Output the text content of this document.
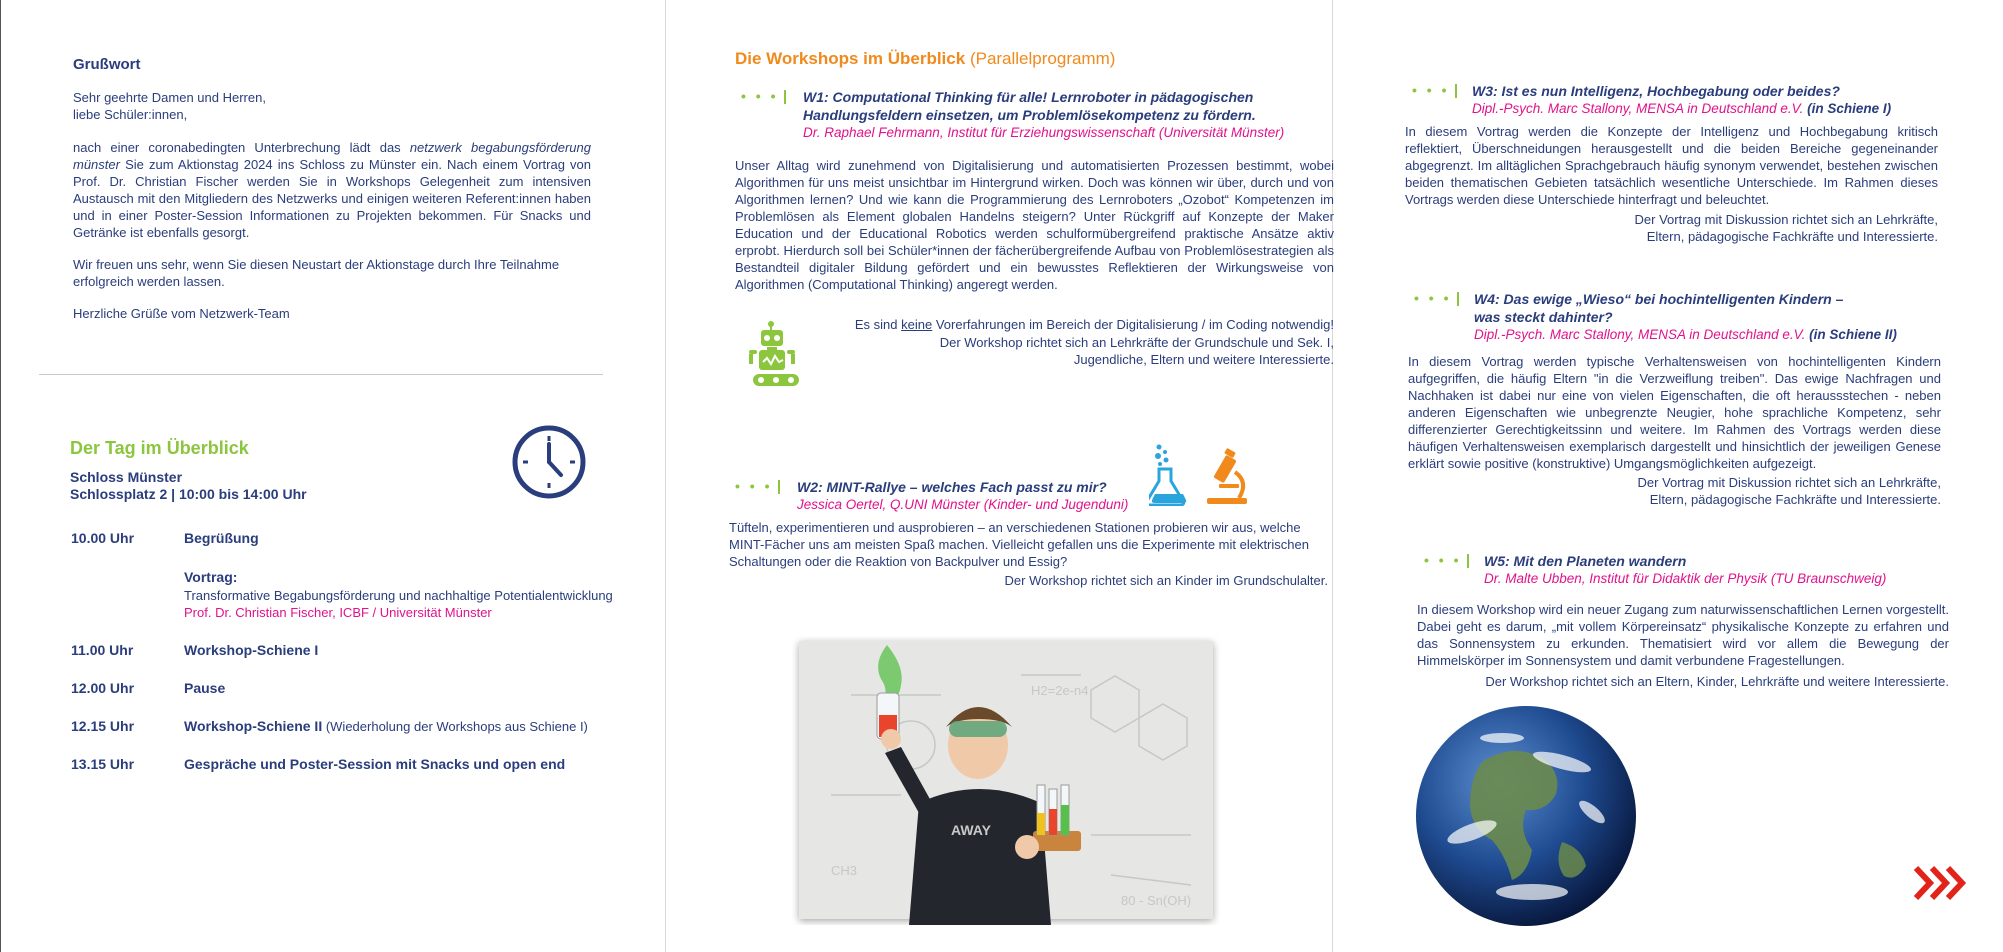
Grußwort
Sehr geehrte Damen und Herren,
liebe Schüler:innen,

nach einer coronabedingten Unterbrechung lädt das netzwerk begabungsförderung münster Sie zum Aktionstag 2024 ins Schloss zu Münster ein. Nach einem Vortrag von Prof. Dr. Christian Fischer werden Sie in Workshops Gelegenheit zum intensiven Austausch mit den Mitgliedern des Netzwerks und einigen weiteren Referent:innen haben und in einer Poster-Session Informationen zu Projekten bekommen. Für Snacks und Getränke ist ebenfalls gesorgt.

Wir freuen uns sehr, wenn Sie diesen Neustart der Aktionstage durch Ihre Teilnahme erfolgreich werden lassen.

Herzliche Grüße vom Netzwerk-Team
Der Tag im Überblick
Schloss Münster
Schlossplatz 2 | 10:00 bis 14:00 Uhr
10.00 Uhr	Begrüßung
Vortrag:
Transformative Begabungsförderung und nachhaltige Potentialentwicklung
Prof. Dr. Christian Fischer, ICBF / Universität Münster
11.00 Uhr	Workshop-Schiene I
12.00 Uhr	Pause
12.15 Uhr	Workshop-Schiene II (Wiederholung der Workshops aus Schiene I)
13.15 Uhr	Gespräche und Poster-Session mit Snacks und open end
Die Workshops im Überblick (Parallelprogramm)
• • •	W1: Computational Thinking für alle! Lernroboter in pädagogischen
Handlungsfeldern einsetzen, um Problemlösekompetenz zu fördern.
Dr. Raphael Fehrmann, Institut für Erziehungswissenschaft (Universität Münster)

Unser Alltag wird zunehmend von Digitalisierung und automatisierten Prozessen bestimmt, wobei Algorithmen für uns meist unsichtbar im Hintergrund wirken. Doch was können wir über, durch und von Algorithmen lernen? Und wie kann die Programmierung des Lernroboters „Ozobot“ Kompetenzen im Problemlösen als Element globalen Handelns steigern? Unter Rückgriff auf Konzepte der Maker Education und der Educational Robotics werden schulformübergreifend praktische Ansätze aktiv erprobt. Hierdurch soll bei Schüler*innen der fächerübergreifende Aufbau von Problemlösestrategien als Bestandteil digitaler Bildung gefördert und ein bewusstes Reflektieren der Wirkungsweise von Algorithmen (Computational Thinking) angeregt werden.

Es sind keine Vorerfahrungen im Bereich der Digitalisierung / im Coding notwendig!

Der Workshop richtet sich an Lehrkräfte der Grundschule und Sek. I,
Jugendliche, Eltern und weitere Interessierte.
• • •	W2: MINT-Rallye – welches Fach passt zu mir?
Jessica Oertel, Q.UNI Münster (Kinder- und Jugenduni)

Tüfteln, experimentieren und ausprobieren – an verschiedenen Stationen probieren wir aus, welche MINT-Fächer uns am meisten Spaß machen. Vielleicht gefallen uns die Experimente mit elektrischen Schaltungen oder die Reaktion von Backpulver und Essig?

Der Workshop richtet sich an Kinder im Grundschulalter.
H2=2e-n4
CH3
80 - Sn(OH)
AWAY
• • •	W3: Ist es nun Intelligenz, Hochbegabung oder beides?
Dipl.-Psych. Marc Stallony, MENSA in Deutschland e.V. (in Schiene I)

In diesem Vortrag werden die Konzepte der Intelligenz und Hochbegabung kritisch reflektiert, Überschneidungen herausgestellt und die beiden Bereiche gegeneinander abgegrenzt. Im alltäglichen Sprachgebrauch häufig synonym verwendet, bestehen zwischen beiden thematischen Gebieten tatsächlich wesentliche Unterschiede. Im Rahmen dieses Vortrags werden diese Unterschiede hinterfragt und beleuchtet.

Der Vortrag mit Diskussion richtet sich an Lehrkräfte,
Eltern, pädagogische Fachkräfte und Interessierte.
• • •	W4: Das ewige „Wieso“ bei hochintelligenten Kindern –
was steckt dahinter?
Dipl.-Psych. Marc Stallony, MENSA in Deutschland e.V. (in Schiene II)

In diesem Vortrag werden typische Verhaltensweisen von hochintelligenten Kindern aufgegriffen, die häufig Eltern "in die Verzweiflung treiben". Das ewige Nachfragen und Nachhaken ist dabei nur eine von vielen Eigenschaften, die oft heraussstechen - neben anderen Eigenschaften wie unbegrenzte Neugier, hohe sprachliche Kompetenz, sehr differenzierter Gerechtigkeitssinn und weitere. Im Rahmen des Vortrags werden diese häufigen Verhaltensweisen exemplarisch dargestellt und hinsichtlich der jeweiligen Genese erklärt sowie positive (konstruktive) Umgangsmöglichkeiten aufgezeigt.

Der Vortrag mit Diskussion richtet sich an Lehrkräfte,
Eltern, pädagogische Fachkräfte und Interessierte.
• • •	W5: Mit den Planeten wandern
Dr. Malte Ubben, Institut für Didaktik der Physik (TU Braunschweig)

In diesem Workshop wird ein neuer Zugang zum naturwissenschaftlichen Lernen vorgestellt. Dabei geht es darum, „mit vollem Körpereinsatz“ physikalische Konzepte zu erfahren und das Sonnensystem zu erkunden. Thematisiert wird vor allem die Bewegung der Himmelskörper im Sonnensystem und damit verbundene Fragestellungen.

Der Workshop richtet sich an Eltern, Kinder, Lehrkräfte und weitere Interessierte.
